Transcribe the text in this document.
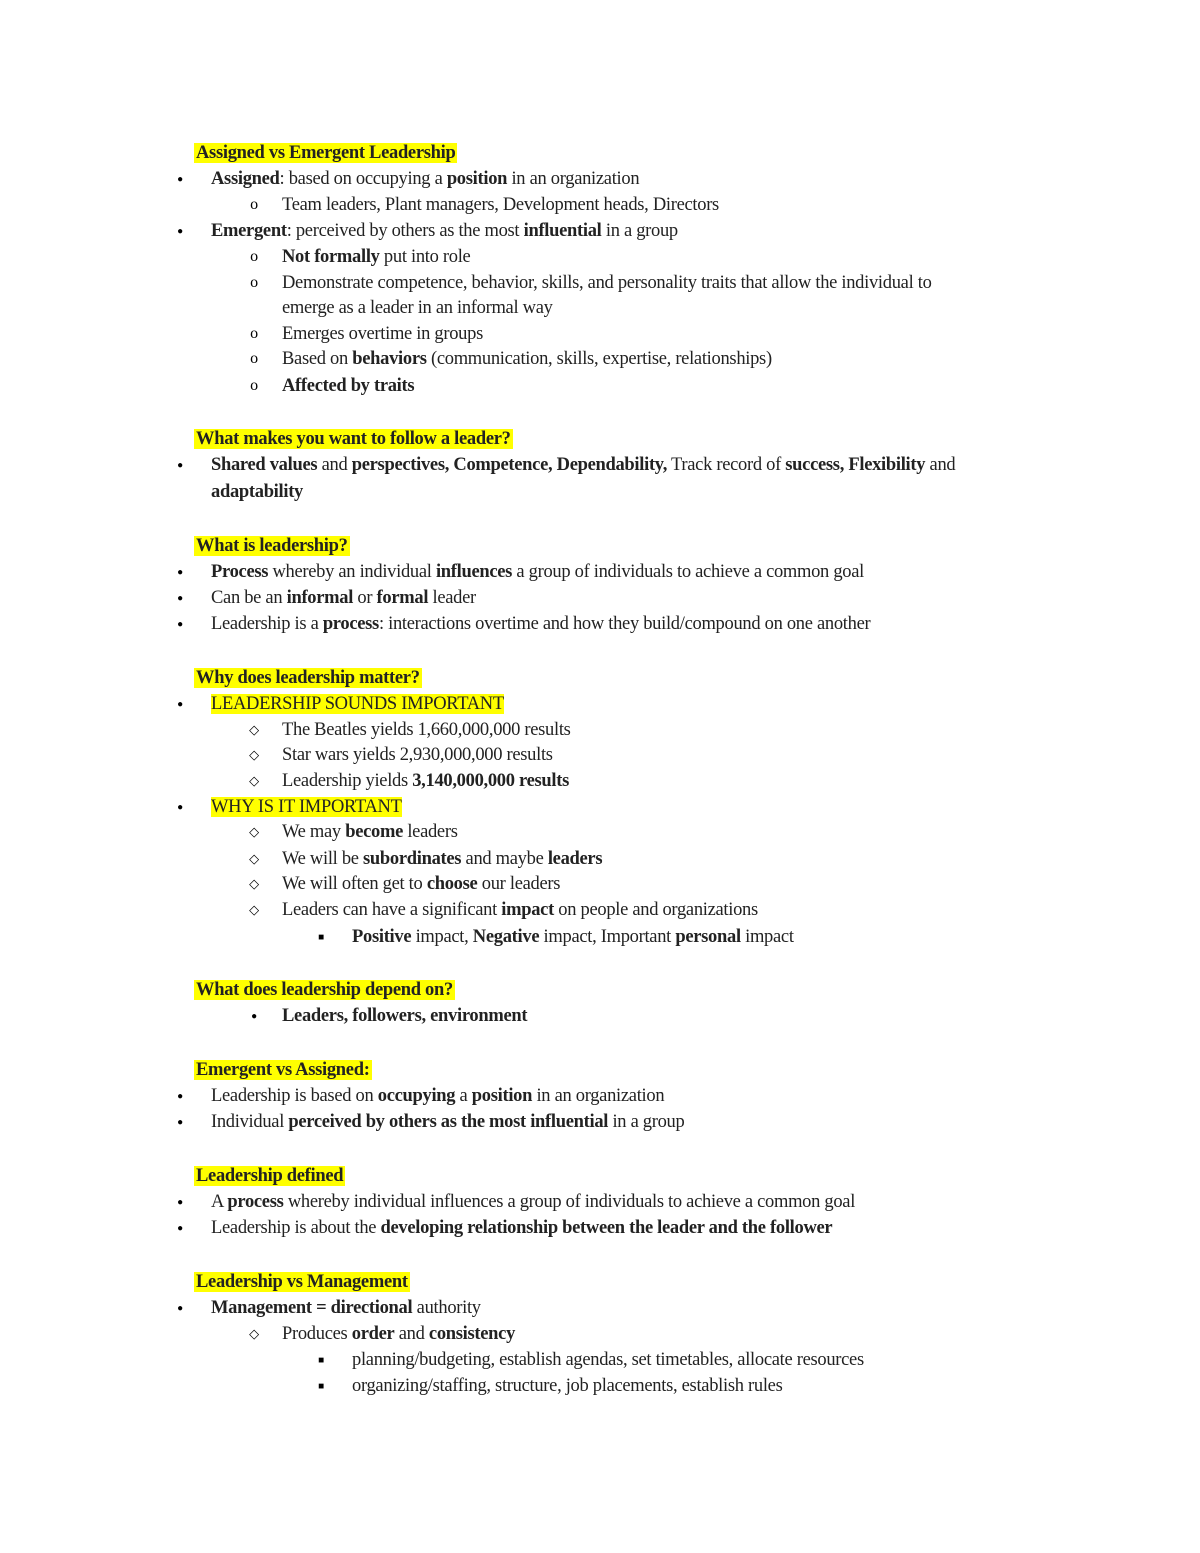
Assigned vs Emergent Leadership
●
Assigned: based on occupying a position in an organization
o
Team leaders, Plant managers, Development heads, Directors
●
Emergent: perceived by others as the most influential in a group
o
Not formally put into role
o
Demonstrate competence, behavior, skills, and personality traits that allow the individual to
emerge as a leader in an informal way
o
Emerges overtime in groups
o
Based on behaviors (communication, skills, expertise, relationships)
o
Affected by traits
What makes you want to follow a leader?
●
Shared values and perspectives, Competence, Dependability, Track record of success, Flexibility and
adaptability
What is leadership?
●
Process whereby an individual influences a group of individuals to achieve a common goal
●
Can be an informal or formal leader
●
Leadership is a process: interactions overtime and how they build/compound on one another
Why does leadership matter?
●
LEADERSHIP SOUNDS IMPORTANT
◇
The Beatles yields 1,660,000,000 results
◇
Star wars yields 2,930,000,000 results
◇
Leadership yields 3,140,000,000 results
●
WHY IS IT IMPORTANT
◇
We may become leaders
◇
We will be subordinates and maybe leaders
◇
We will often get to choose our leaders
◇
Leaders can have a significant impact on people and organizations
■
Positive impact, Negative impact, Important personal impact
What does leadership depend on?
●
Leaders, followers, environment
Emergent vs Assigned:
●
Leadership is based on occupying a position in an organization
●
Individual perceived by others as the most influential in a group
Leadership defined
●
A process whereby individual influences a group of individuals to achieve a common goal
●
Leadership is about the developing relationship between the leader and the follower
Leadership vs Management
●
Management = directional authority
◇
Produces order and consistency
■
planning/budgeting, establish agendas, set timetables, allocate resources
■
organizing/staffing, structure, job placements, establish rules
